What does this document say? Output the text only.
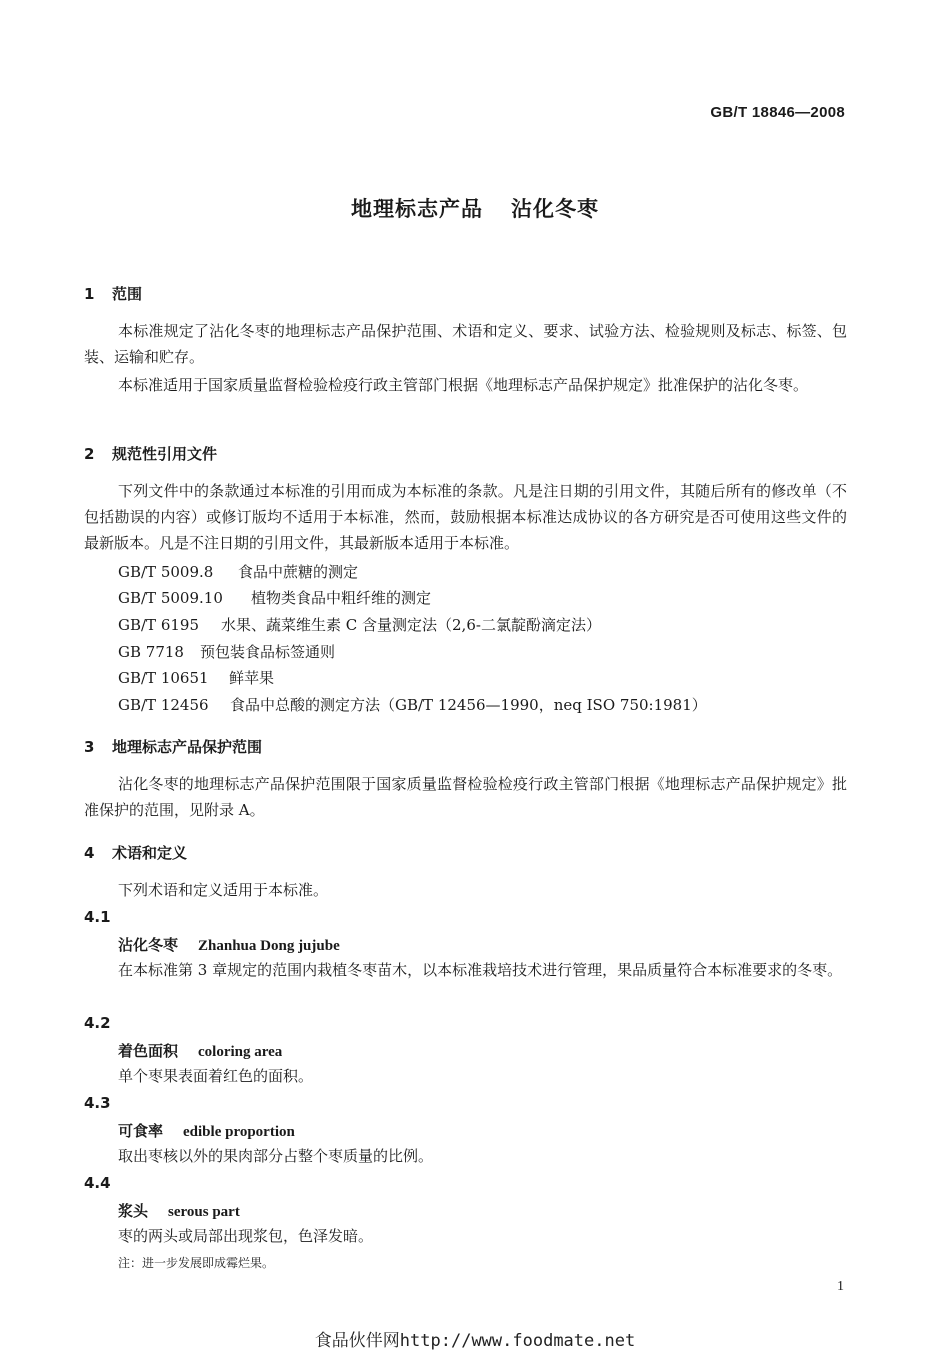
GB/T 18846—2008
地理标志产品 沾化冬枣
1 范围
本标准规定了沾化冬枣的地理标志产品保护范围、术语和定义、要求、试验方法、检验规则及标志、标签、包装、运输和贮存。
本标准适用于国家质量监督检验检疫行政主管部门根据《地理标志产品保护规定》批准保护的沾化冬枣。
2 规范性引用文件
下列文件中的条款通过本标准的引用而成为本标准的条款。凡是注日期的引用文件，其随后所有的修改单（不包括勘误的内容）或修订版均不适用于本标准，然而，鼓励根据本标准达成协议的各方研究是否可使用这些文件的最新版本。凡是不注日期的引用文件，其最新版本适用于本标准。
GB/T 5009.8 食品中蔗糖的测定
GB/T 5009.10 植物类食品中粗纤维的测定
GB/T 6195 水果、蔬菜维生素 C 含量测定法（2,6-二氯靛酚滴定法）
GB 7718 预包装食品标签通则
GB/T 10651 鲜苹果
GB/T 12456 食品中总酸的测定方法（GB/T 12456—1990，neq ISO 750:1981）
3 地理标志产品保护范围
沾化冬枣的地理标志产品保护范围限于国家质量监督检验检疫行政主管部门根据《地理标志产品保护规定》批准保护的范围，见附录 A。
4 术语和定义
下列术语和定义适用于本标准。
4.1
沾化冬枣 Zhanhua Dong jujube
在本标准第 3 章规定的范围内栽植冬枣苗木，以本标准栽培技术进行管理，果品质量符合本标准要求的冬枣。
4.2
着色面积 coloring area
单个枣果表面着红色的面积。
4.3
可食率 edible proportion
取出枣核以外的果肉部分占整个枣质量的比例。
4.4
浆头 serous part
枣的两头或局部出现浆包，色泽发暗。
注：进一步发展即成霉烂果。
1
食品伙伴网http://www.foodmate.net
